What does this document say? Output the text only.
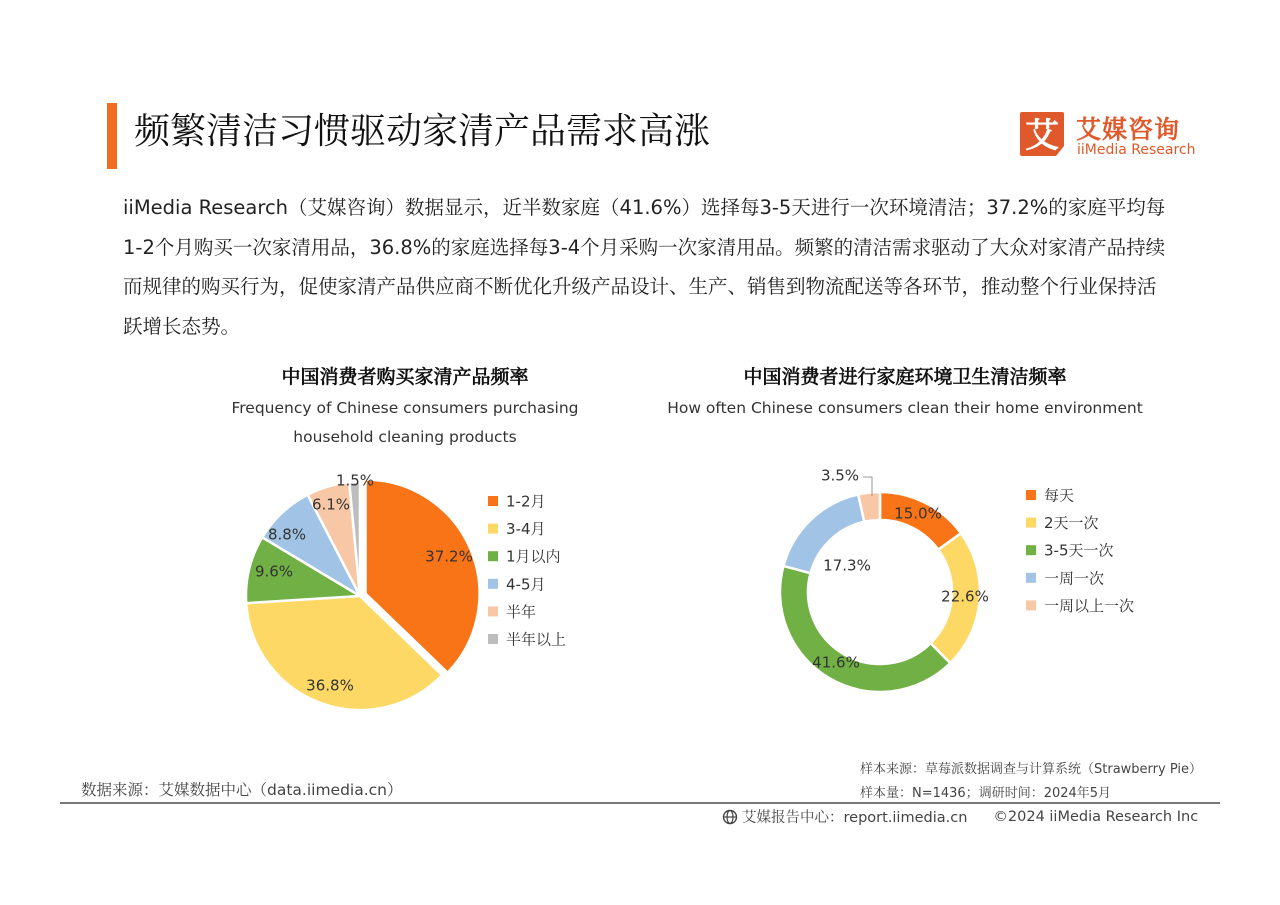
频繁清洁习惯驱动家清产品需求高涨	艾 艾媒咨询
iiMedia Research
iiMedia Research（艾媒咨询）数据显示，近半数家庭（41.6%）选择每3-5天进行一次环境清洁；37.2%的家庭平均每1-2个月购买一次家清用品，36.8%的家庭选择每3-4个月采购一次家清用品。频繁的清洁需求驱动了大众对家清产品持续而规律的购买行为，促使家清产品供应商不断优化升级产品设计、生产、销售到物流配送等各环节，推动整个行业保持活跃增长态势。
中国消费者购买家清产品频率
Frequency of Chinese consumers purchasing
household cleaning products
中国消费者进行家庭环境卫生清洁频率
How often Chinese consumers clean their home environment
37.2%
36.8%
9.6%
8.8%
6.1%
1.5%
1-2月
3-4月
1月以内
4-5月
半年
半年以上
15.0%
22.6%
41.6%
17.3%
3.5%
每天
2天一次
3-5天一次
一周一次
一周以上一次
样本来源：草莓派数据调查与计算系统（Strawberry Pie）
样本量：N=1436；调研时间：2024年5月
数据来源：艾媒数据中心（data.iimedia.cn）
艾媒报告中心：report.iimedia.cn ©2024 iiMedia Research Inc
